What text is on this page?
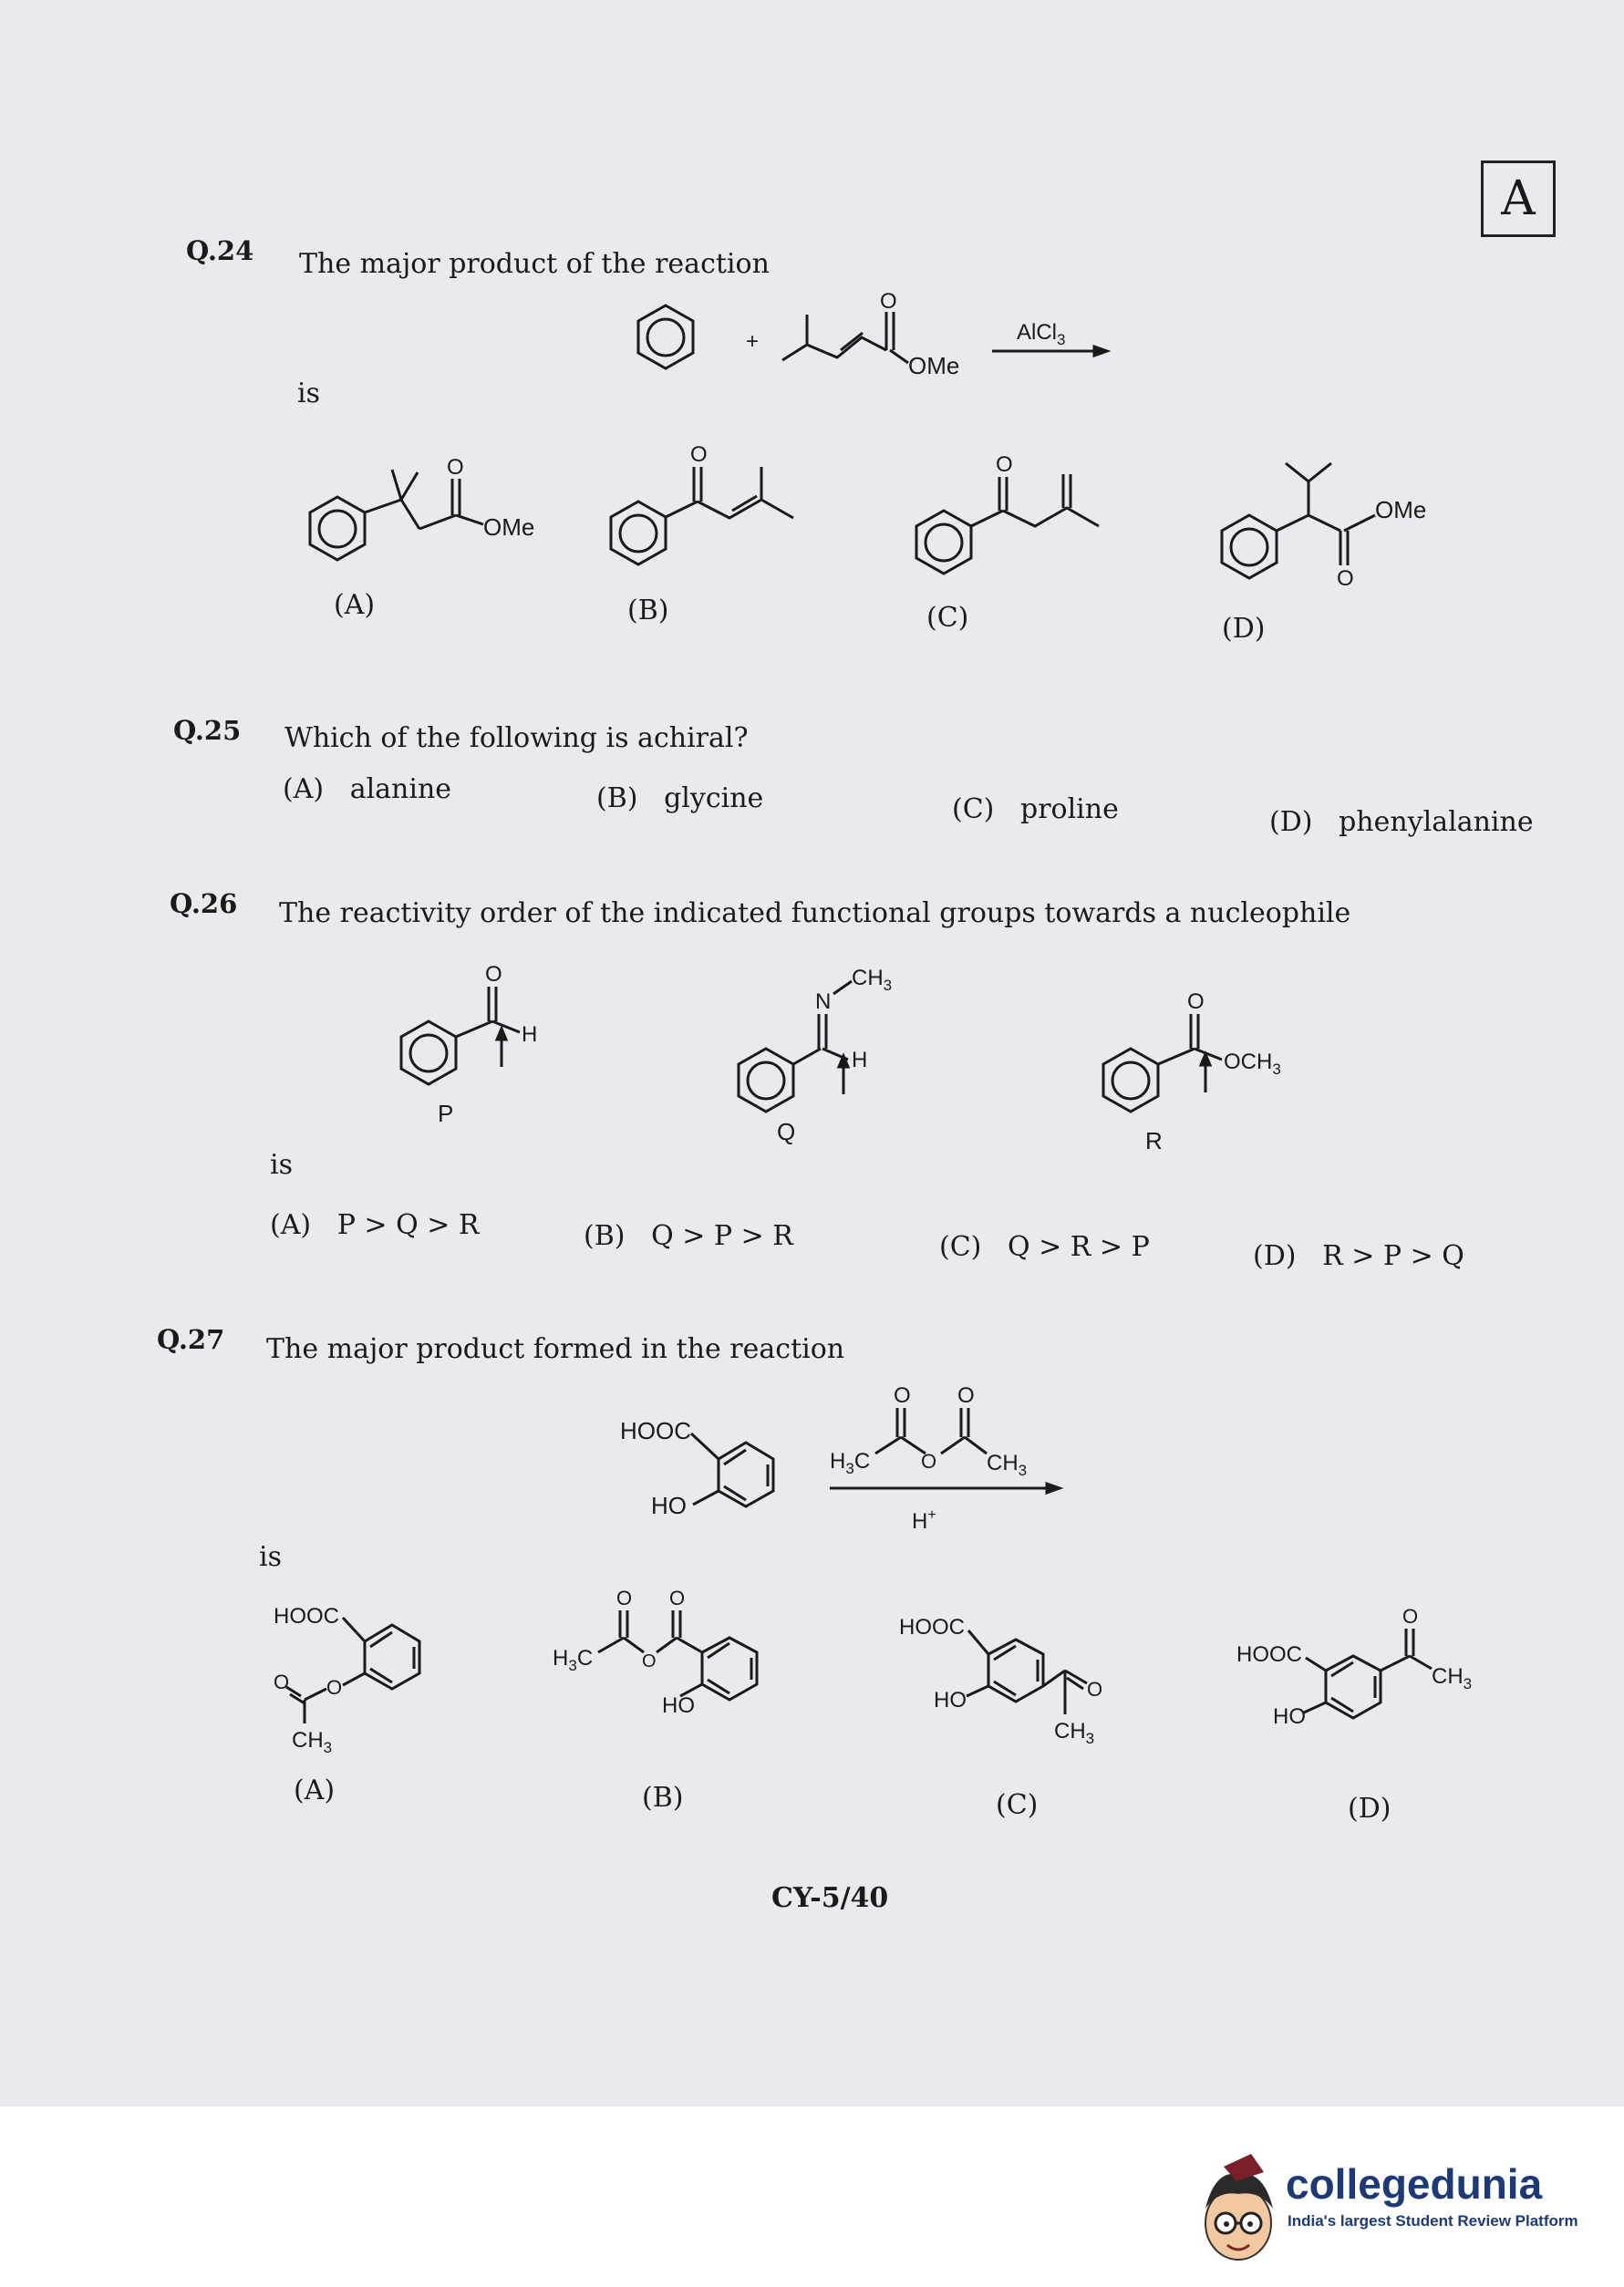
A
Q.24 The major product of the reaction
is
+
O
OMe
AlCl$_3$
O
OMe
(A)
O
(B)
O
(C)
O
OMe
(D)
Q.25 Which of the following is achiral?
(A) alanine	(B) glycine	(C) proline	(D) phenylalanine
Q.26 The reactivity order of the indicated functional groups towards a nucleophile
O
H
P
N
$CH_3$
H
Q
O
$OCH_3$
R
is
(A) P > Q > R	(B) Q > P > R	(C) Q > R > P	(D) R > P > Q
Q.27 The major product formed in the reaction
HOOC
HO
$H_3C$
O
O
O
$CH_3$
H+
is
HOOC
O
O
$CH_3$
(A)
$H_3C$
O
O
O
HO
(B)
HOOC
HO	O
$CH_3$
(C)
HOOC
HO
O
$CH_3$
(D)
CY-5/40
collegedunia
India's largest Student Review Platform
